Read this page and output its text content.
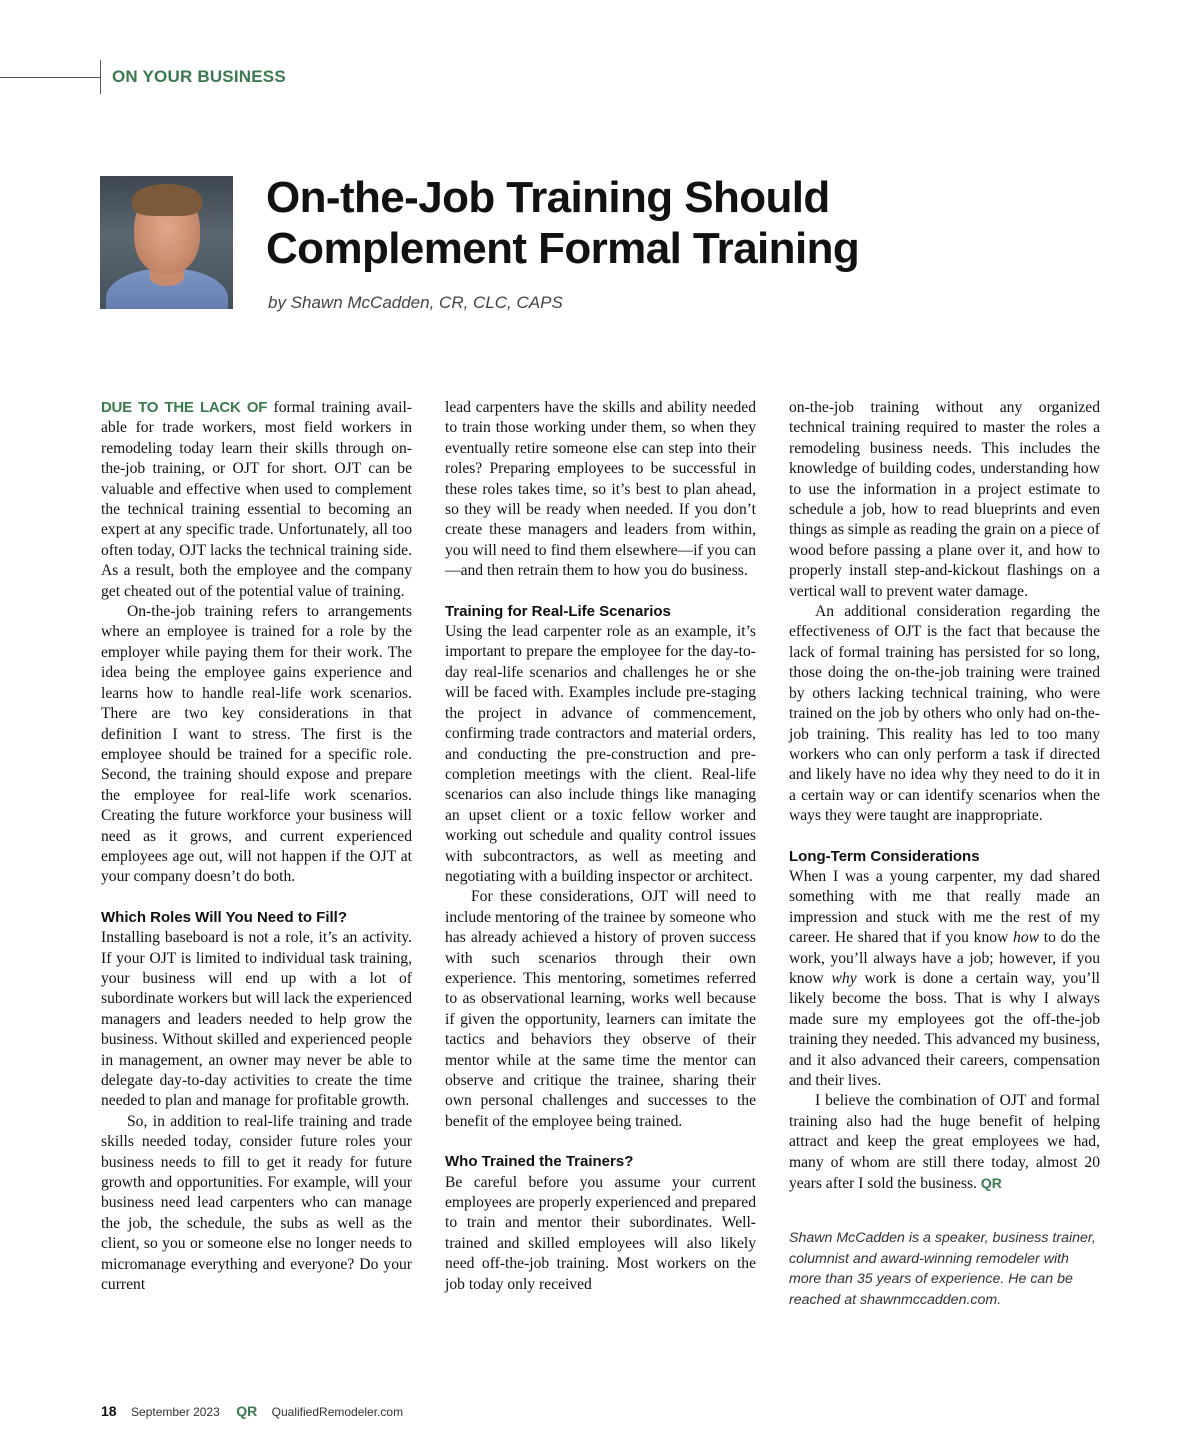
ON YOUR BUSINESS
On-the-Job Training Should
Complement Formal Training
by Shawn McCadden, CR, CLC, CAPS

DUE TO THE LACK OF formal training available for trade workers, most field workers in remodeling today learn their skills through on-the-job training, or OJT for short. OJT can be valuable and effective when used to complement the technical training essential to becoming an expert at any specific trade. Unfortunately, all too often today, OJT lacks the technical training side. As a result, both the employee and the company get cheated out of the potential value of training.

On-the-job training refers to arrangements where an employee is trained for a role by the employer while paying them for their work. The idea being the employee gains experience and learns how to handle real-life work scenarios. There are two key considerations in that definition I want to stress. The first is the employee should be trained for a specific role. Second, the training should expose and prepare the employee for real-life work scenarios. Creating the future workforce your business will need as it grows, and current experienced employees age out, will not happen if the OJT at your company doesn’t do both.

Which Roles Will You Need to Fill?

Installing baseboard is not a role, it’s an activity. If your OJT is limited to individual task training, your business will end up with a lot of subordinate workers but will lack the experienced managers and leaders needed to help grow the business. Without skilled and experienced people in management, an owner may never be able to delegate day-to-day activities to create the time needed to plan and manage for profitable growth.

So, in addition to real-life training and trade skills needed today, consider future roles your business needs to fill to get it ready for future growth and opportunities. For example, will your business need lead carpenters who can manage the job, the schedule, the subs as well as the client, so you or someone else no longer needs to micromanage everything and everyone? Do your current

lead carpenters have the skills and ability needed to train those working under them, so when they eventually retire someone else can step into their roles? Preparing employees to be successful in these roles takes time, so it’s best to plan ahead, so they will be ready when needed. If you don’t create these managers and leaders from within, you will need to find them elsewhere—if you can—and then retrain them to how you do business.

Training for Real-Life Scenarios

Using the lead carpenter role as an example, it’s important to prepare the employee for the day-to-day real-life scenarios and challenges he or she will be faced with. Examples include pre-staging the project in advance of commencement, confirming trade contractors and material orders, and conducting the pre-construction and pre-completion meetings with the client. Real-life scenarios can also include things like managing an upset client or a toxic fellow worker and working out schedule and quality control issues with subcontractors, as well as meeting and negotiating with a building inspector or architect.

For these considerations, OJT will need to include mentoring of the trainee by someone who has already achieved a history of proven success with such scenarios through their own experience. This mentoring, sometimes referred to as observational learning, works well because if given the opportunity, learners can imitate the tactics and behaviors they observe of their mentor while at the same time the mentor can observe and critique the trainee, sharing their own personal challenges and successes to the benefit of the employee being trained.

Who Trained the Trainers?

Be careful before you assume your current employees are properly experienced and prepared to train and mentor their subordinates. Well-trained and skilled employees will also likely need off-the-job training. Most workers on the job today only received

on-the-job training without any organized technical training required to master the roles a remodeling business needs. This includes the knowledge of building codes, understanding how to use the information in a project estimate to schedule a job, how to read blueprints and even things as simple as reading the grain on a piece of wood before passing a plane over it, and how to properly install step-and-kickout flashings on a vertical wall to prevent water damage.

An additional consideration regarding the effectiveness of OJT is the fact that because the lack of formal training has persisted for so long, those doing the on-the-job training were trained by others lacking technical training, who were trained on the job by others who only had on-the-job training. This reality has led to too many workers who can only perform a task if directed and likely have no idea why they need to do it in a certain way or can identify scenarios when the ways they were taught are inappropriate.

Long-Term Considerations

When I was a young carpenter, my dad shared something with me that really made an impression and stuck with me the rest of my career. He shared that if you know how to do the work, you’ll always have a job; however, if you know why work is done a certain way, you’ll likely become the boss. That is why I always made sure my employees got the off-the-job training they needed. This advanced my business, and it also advanced their careers, compensation and their lives.

I believe the combination of OJT and formal training also had the huge benefit of helping attract and keep the great employees we had, many of whom are still there today, almost 20 years after I sold the business. QR

Shawn McCadden is a speaker, business trainer, columnist and award-winning remodeler with more than 35 years of experience. He can be reached at shawnmccadden.com.
18 September 2023 QR QualifiedRemodeler.com
